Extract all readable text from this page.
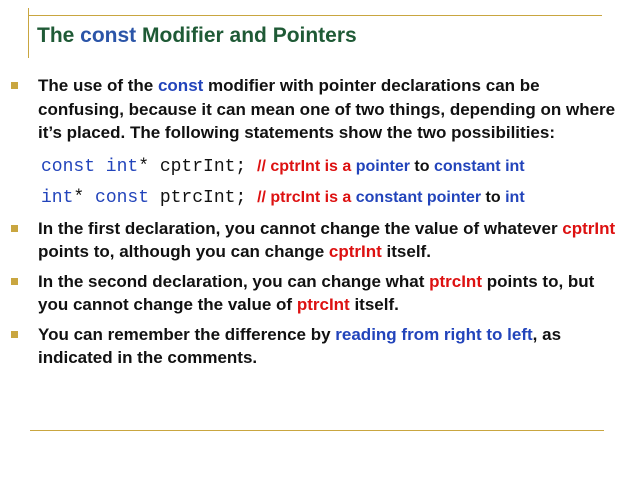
The const Modifier and Pointers
The use of the const modifier with pointer declarations can be confusing, because it can mean one of two things, depending on where it’s placed. The following statements show the two possibilities:
const int* cptrInt; // cptrInt is a pointer to constant int
int* const ptrcInt; // ptrcInt is a constant pointer to int
In the first declaration, you cannot change the value of whatever cptrInt points to, although you can change cptrInt itself.
In the second declaration, you can change what ptrcInt points to, but you cannot change the value of ptrcInt itself.
You can remember the difference by reading from right to left, as indicated in the comments.
